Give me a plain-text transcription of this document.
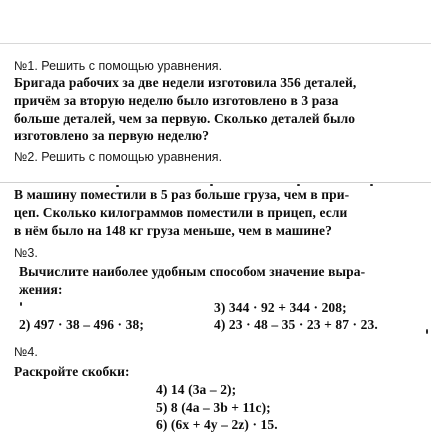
№1. Решить с помощью уравнения.
Бригада рабочих за две недели изготовила 356 деталей,
причём за вторую неделю было изготовлено в 3 раза
больше деталей, чем за первую. Сколько деталей было
изготовлено за первую неделю?
№2. Решить с помощью уравнения.
В машину поместили в 5 раз больше груза, чем в при-
цеп. Сколько килограммов поместили в прицеп, если
в нём было на 148 кг груза меньше, чем в машине?
№3.
Вычислите наиболее удобным способом значение выра-
жения:
3) 344 · 92 + 344 · 208;
2) 497 · 38 – 496 · 38;	4) 23 · 48 – 35 · 23 + 87 · 23.
№4.
Раскройте скобки:
4) 14 (3a – 2);
5) 8 (4a – 3b + 11c);
6) (6x + 4y – 2z) · 15.
